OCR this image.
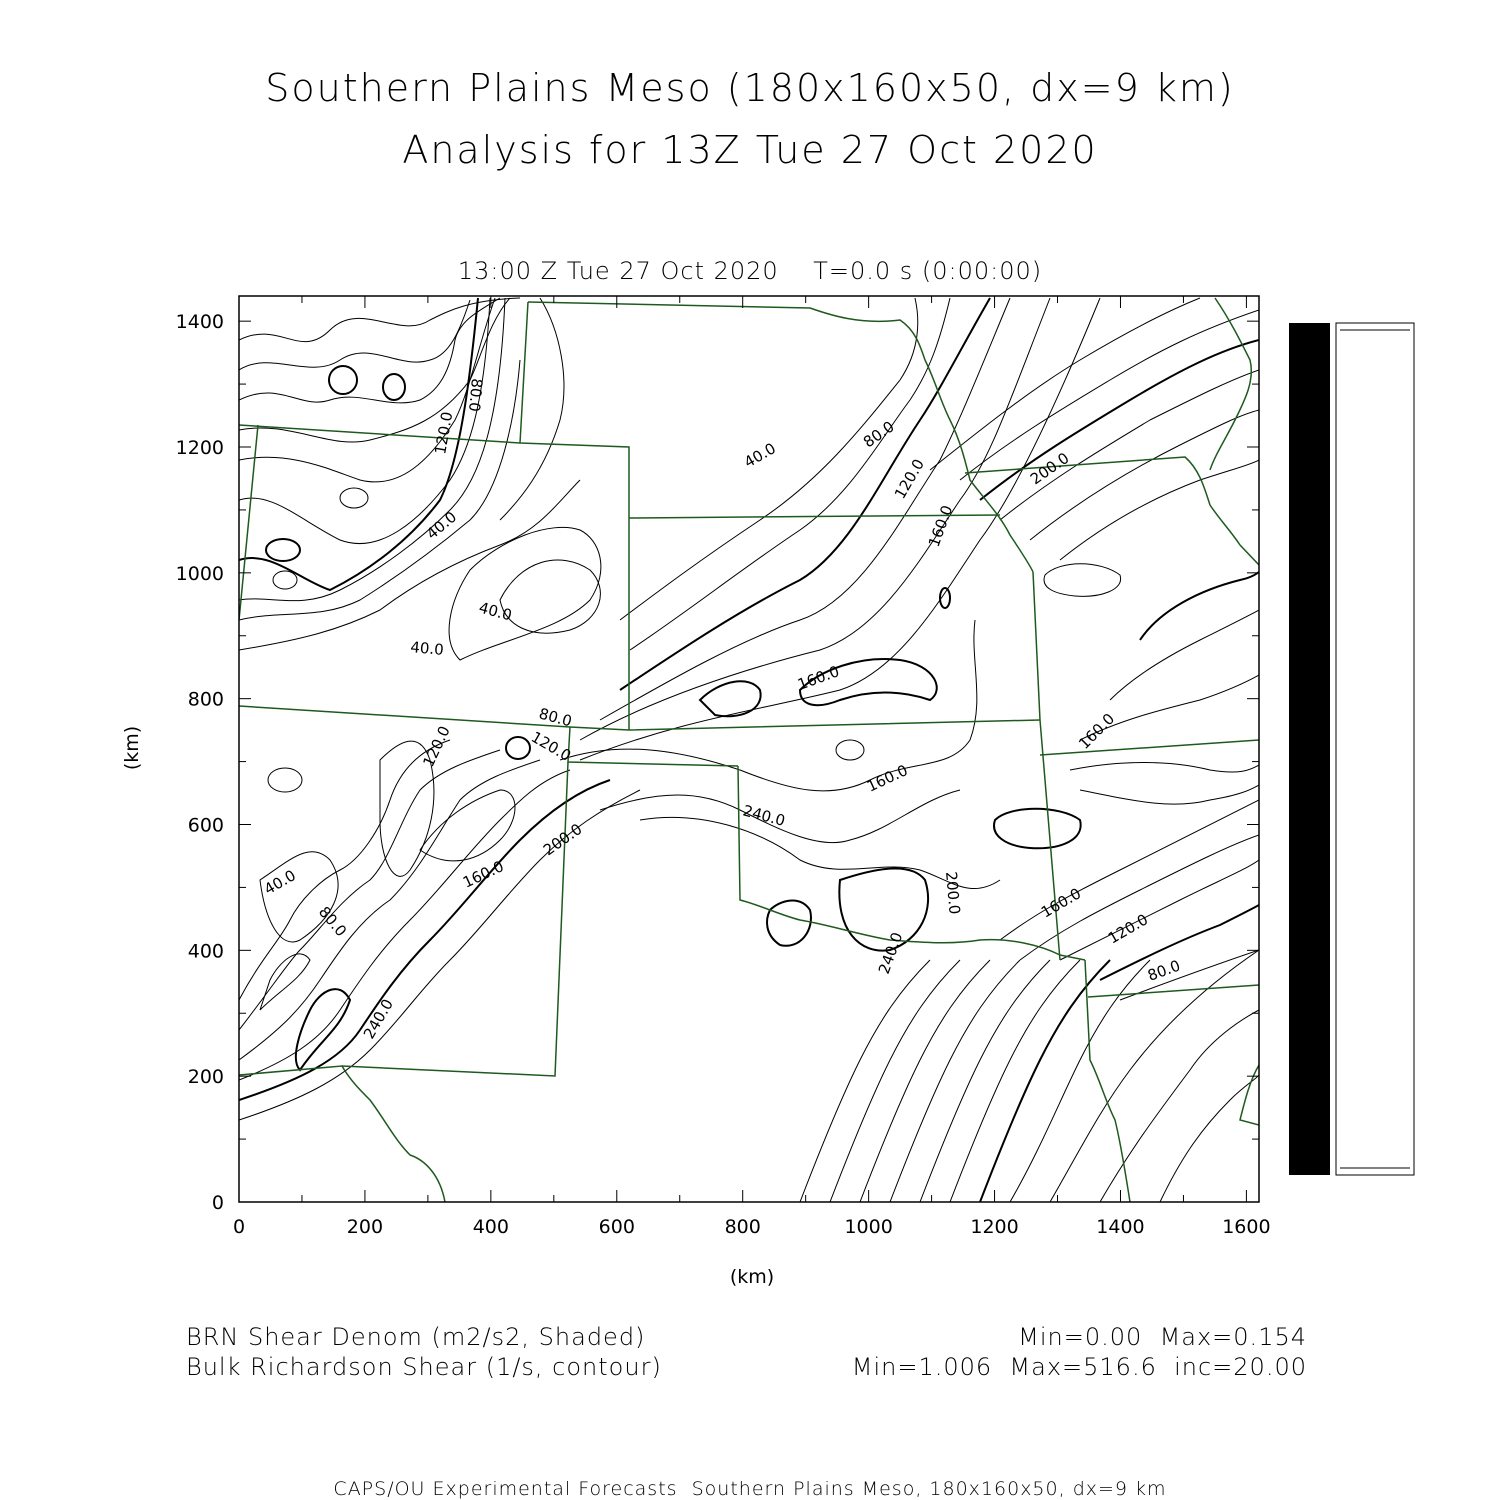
Southern Plains Meso (180x160x50, dx=9 km)
Analysis for 13Z Tue 27 Oct 2020
13:00 Z Tue 27 Oct 2020    T=0.0 s (0:00:00)
80.0
120.0
40.0
40.0
40.0
40.0
80.0
120.0
160.0
200.0
160.0
160.0
80.0
120.0
120.0
40.0
80.0
160.0
200.0
240.0
200.0
240.0
160.0
120.0
80.0
240.0
160.0
0	200	400	600	800	1000	1200	1400	1600
0
200
400
600
800
1000
1200
1400
(km)
(km)
BRN Shear Denom (m2/s2, Shaded)
Bulk Richardson Shear (1/s, contour)
Min=0.00  Max=0.154
Min=1.006  Max=516.6  inc=20.00
CAPS/OU Experimental Forecasts  Southern Plains Meso, 180x160x50, dx=9 km
